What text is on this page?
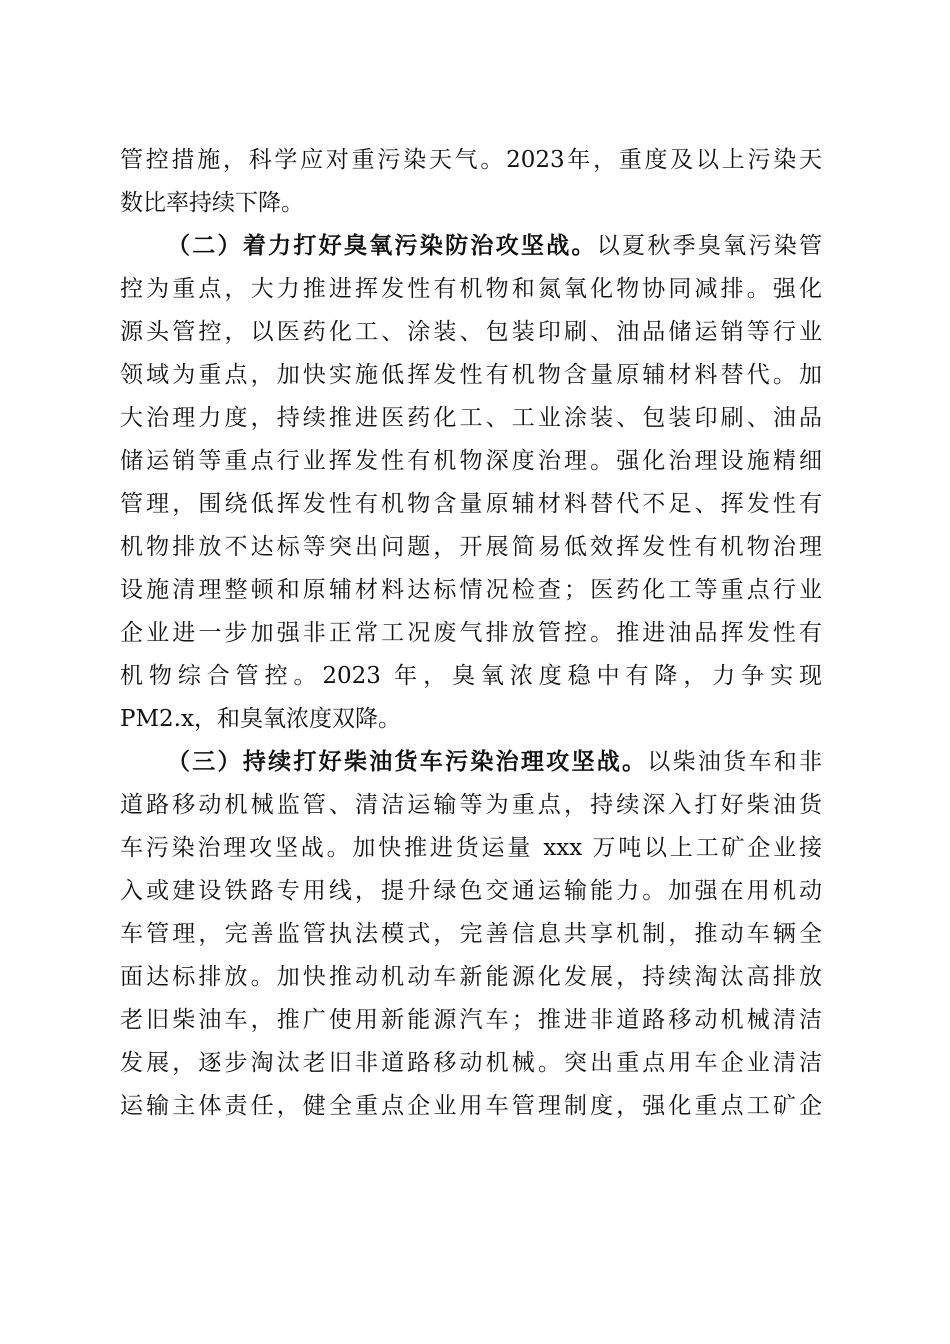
管控措施，科学应对重污染天气。2023年，重度及以上污染天
数比率持续下降。
（二）着力打好臭氧污染防治攻坚战。以夏秋季臭氧污染管
控为重点，大力推进挥发性有机物和氮氧化物协同减排。强化
源头管控，以医药化工、涂装、包装印刷、油品储运销等行业
领域为重点，加快实施低挥发性有机物含量原辅材料替代。加
大治理力度，持续推进医药化工、工业涂装、包装印刷、油品
储运销等重点行业挥发性有机物深度治理。强化治理设施精细
管理，围绕低挥发性有机物含量原辅材料替代不足、挥发性有
机物排放不达标等突出问题，开展简易低效挥发性有机物治理
设施清理整顿和原辅材料达标情况检查；医药化工等重点行业
企业进一步加强非正常工况废气排放管控。推进油品挥发性有
机物综合管控。2023 年，臭氧浓度稳中有降，力争实现
PM2.x，和臭氧浓度双降。
（三）持续打好柴油货车污染治理攻坚战。以柴油货车和非
道路移动机械监管、清洁运输等为重点，持续深入打好柴油货
车污染治理攻坚战。加快推进货运量 xxx 万吨以上工矿企业接
入或建设铁路专用线，提升绿色交通运输能力。加强在用机动
车管理，完善监管执法模式，完善信息共享机制，推动车辆全
面达标排放。加快推动机动车新能源化发展，持续淘汰高排放
老旧柴油车，推广使用新能源汽车；推进非道路移动机械清洁
发展，逐步淘汰老旧非道路移动机械。突出重点用车企业清洁
运输主体责任，健全重点企业用车管理制度，强化重点工矿企
